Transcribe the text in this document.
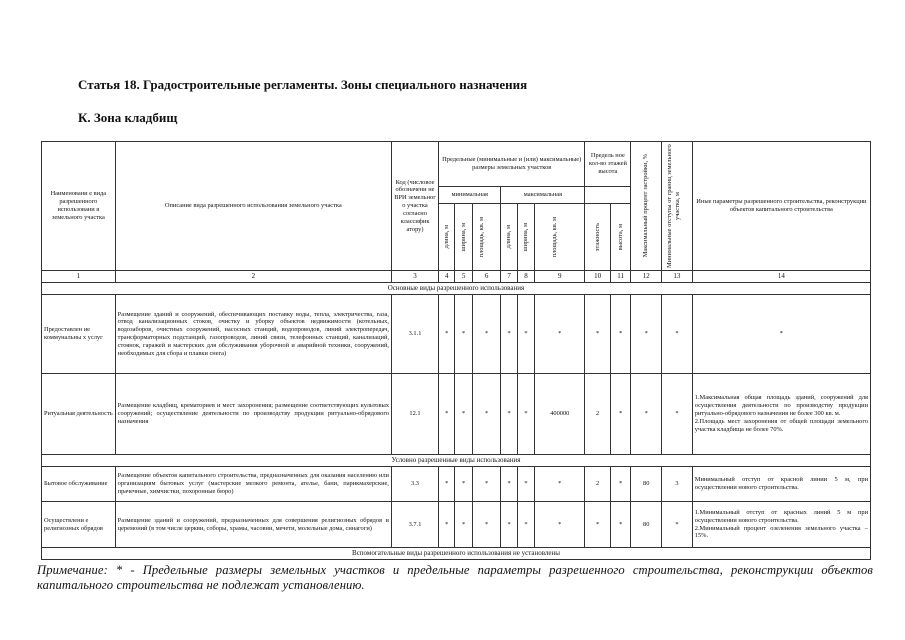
Статья 18. Градостроительные регламенты. Зоны специального назначения
К. Зона кладбищ
Наименовани е вида разрешенного использовани я земельного участка	Описание вида разрешенного использования земельного участка	Код (числовое обозначени не ВРИ земельног о участка согласно классифик атору)	Предельные (минимальные и (или) максимальные) размеры земельных участков						Предель ное кол-во этажей высота		Максимальный процент застройки, %	Минимальные отступы от границ земельного участка, м	Иные параметры разрешенного строительства, реконструкции объектов капитального строительства
			минимальная			максимальная							

			длина, м	ширина, м	площадь, кв. м	длина, м	ширина, м	площадь, кв. м	этажность	высота, м			

1	2	3	4	5	6	7	8	9	10	11	12	13	14
Основные виды разрешенного использования													
Предоставлен ие коммунальны х услуг	Размещение зданий и сооружений, обеспечивающих поставку воды, тепла, электричества, газа, отвод канализационных стоков, очистку и уборку объектов недвижимости (котельных, водозаборов, очистных сооружений, насосных станций, водопроводов, линий электропередач, трансформаторных подстанций, газопроводов, линий связи, телефонных станций, канализаций, стоянок, гаражей и мастерских для обслуживания уборочной и аварийной техники, сооружений, необходимых для сбора и плавки снега)	3.1.1	*	*	*	*	*	*	*	*	*	*	*
Ритуальная деятельность	Размещение кладбищ, крематориев и мест захоронения; размещение соответствующих культовых сооружений; осуществление деятельности по производству продукции ритуально-обрядового назначения	12.1	*	*	*	*	*	400000	2	*	*	*	1.Максимальная общая площадь зданий, сооружений для осуществления деятельности по производству продукции ритуально-обрядового назначения не более 300 кв. м.
2.Площадь мест захоронения от общей площади земельного участка кладбища не более 70%.
Условно разрешенные виды использования													
Бытовое обслуживание	Размещение объектов капитального строительства, предназначенных для оказания населению или организациям бытовых услуг (мастерские мелкого ремонта, ателье, бани, парикмахерские, прачечные, химчистки, похоронные бюро)	3.3	*	*	*	*	*	*	2	*	80	3	Минимальный отступ от красной линии 5 м, при осуществлении нового строительства.
Осуществлени е религиозных обрядов	Размещение зданий и сооружений, предназначенных для совершения религиозных обрядов и церемоний (в том числе церкви, соборы, храмы, часовни, мечети, молельные дома, синагоги)	3.7.1	*	*	*	*	*	*	*	*	80	*	1.Минимальный отступ от красных линий 5 м при осуществлении нового строительства.
2.Минимальный процент озеленения земельного участка – 15%.
Вспомогательные виды разрешенного использования не установлены													
Примечание: * - Предельные размеры земельных участков и предельные параметры разрешенного строительства, реконструкции объектов капитального строительства не подлежат установлению.
